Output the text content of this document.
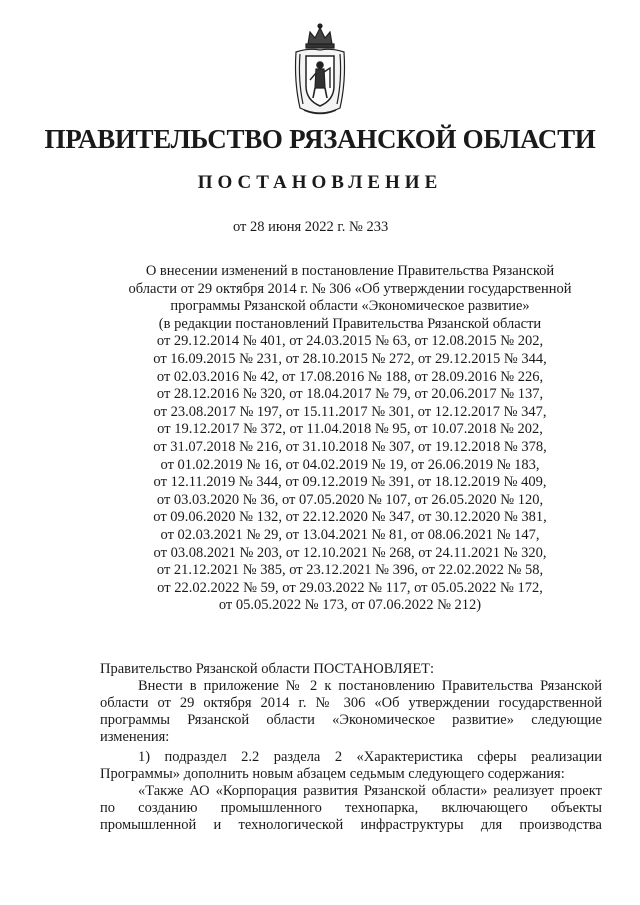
ПРАВИТЕЛЬСТВО РЯЗАНСКОЙ ОБЛАСТИ
ПОСТАНОВЛЕНИЕ
от 28 июня 2022 г. № 233
О внесении изменений в постановление Правительства Рязанской
области от 29 октября 2014 г. № 306 «Об утверждении государственной
программы Рязанской области «Экономическое развитие»
(в редакции постановлений Правительства Рязанской области
от 29.12.2014 № 401, от 24.03.2015 № 63, от 12.08.2015 № 202,
от 16.09.2015 № 231, от 28.10.2015 № 272, от 29.12.2015 № 344,
от 02.03.2016 № 42, от 17.08.2016 № 188, от 28.09.2016 № 226,
от 28.12.2016 № 320, от 18.04.2017 № 79, от 20.06.2017 № 137,
от 23.08.2017 № 197, от 15.11.2017 № 301, от 12.12.2017 № 347,
от 19.12.2017 № 372, от 11.04.2018 № 95, от 10.07.2018 № 202,
от 31.07.2018 № 216, от 31.10.2018 № 307, от 19.12.2018 № 378,
от 01.02.2019 № 16, от 04.02.2019 № 19, от 26.06.2019 № 183,
от 12.11.2019 № 344, от 09.12.2019 № 391, от 18.12.2019 № 409,
от 03.03.2020 № 36, от 07.05.2020 № 107, от 26.05.2020 № 120,
от 09.06.2020 № 132, от 22.12.2020 № 347, от 30.12.2020 № 381,
от 02.03.2021 № 29, от 13.04.2021 № 81, от 08.06.2021 № 147,
от 03.08.2021 № 203, от 12.10.2021 № 268, от 24.11.2021 № 320,
от 21.12.2021 № 385, от 23.12.2021 № 396, от 22.02.2022 № 58,
от 22.02.2022 № 59, от 29.03.2022 № 117, от 05.05.2022 № 172,
от 05.05.2022 № 173, от 07.06.2022 № 212)

Правительство Рязанской области ПОСТАНОВЛЯЕТ:

Внести в приложение № 2 к постановлению Правительства Рязанской области от 29 октября 2014 г. № 306 «Об утверждении государственной программы Рязанской области «Экономическое развитие» следующие изменения:

1) подраздел 2.2 раздела 2 «Характеристика сферы реализации Программы» дополнить новым абзацем седьмым следующего содержания:

«Также АО «Корпорация развития Рязанской области» реализует проект по созданию промышленного технопарка, включающего объекты промышленной и технологической инфраструктуры для производства
